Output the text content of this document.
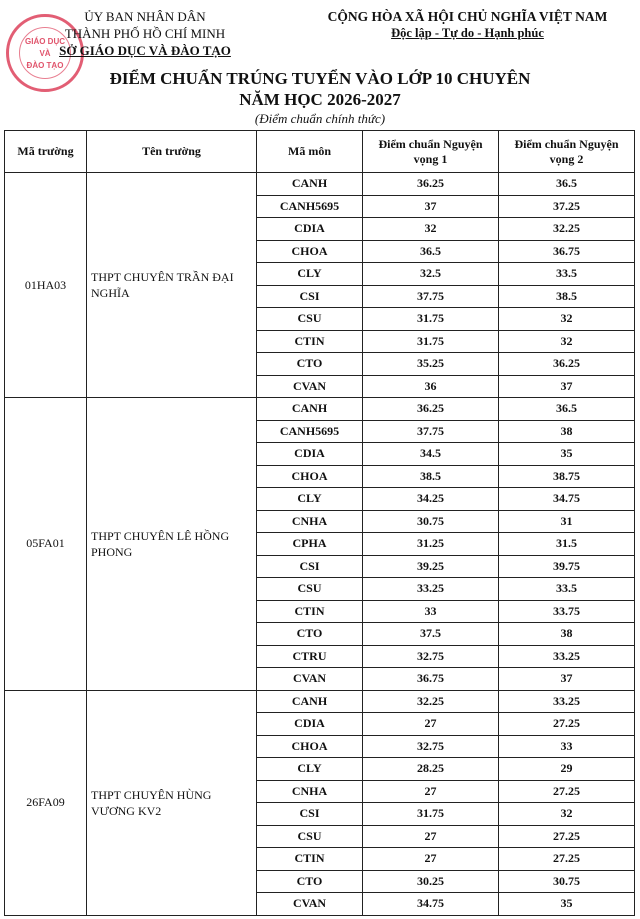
GIÁO DỤC
VÀ
ĐÀO TẠO
ỦY BAN NHÂN DÂN
THÀNH PHỐ HỒ CHÍ MINH
SỞ GIÁO DỤC VÀ ĐÀO TẠO
CỘNG HÒA XÃ HỘI CHỦ NGHĨA VIỆT NAM
Độc lập - Tự do - Hạnh phúc
ĐIỂM CHUẨN TRÚNG TUYỂN VÀO LỚP 10 CHUYÊN
NĂM HỌC 2026-2027
(Điểm chuẩn chính thức)
Mã trường	Tên trường	Mã môn	Điểm chuẩn Nguyện vọng 1	Điểm chuẩn Nguyện vọng 2
01HA03	THPT CHUYÊN TRẦN ĐẠI NGHĨA	CANH	36.25	36.5
		CANH5695	37	37.25
		CDIA	32	32.25
		CHOA	36.5	36.75
		CLY	32.5	33.5
		CSI	37.75	38.5
		CSU	31.75	32
		CTIN	31.75	32
		CTO	35.25	36.25
		CVAN	36	37
05FA01	THPT CHUYÊN LÊ HỒNG PHONG	CANH	36.25	36.5
		CANH5695	37.75	38
		CDIA	34.5	35
		CHOA	38.5	38.75
		CLY	34.25	34.75
		CNHA	30.75	31
		CPHA	31.25	31.5
		CSI	39.25	39.75
		CSU	33.25	33.5
		CTIN	33	33.75
		CTO	37.5	38
		CTRU	32.75	33.25
		CVAN	36.75	37
26FA09	THPT CHUYÊN HÙNG VƯƠNG KV2	CANH	32.25	33.25
		CDIA	27	27.25
		CHOA	32.75	33
		CLY	28.25	29
		CNHA	27	27.25
		CSI	31.75	32
		CSU	27	27.25
		CTIN	27	27.25
		CTO	30.25	30.75
		CVAN	34.75	35
